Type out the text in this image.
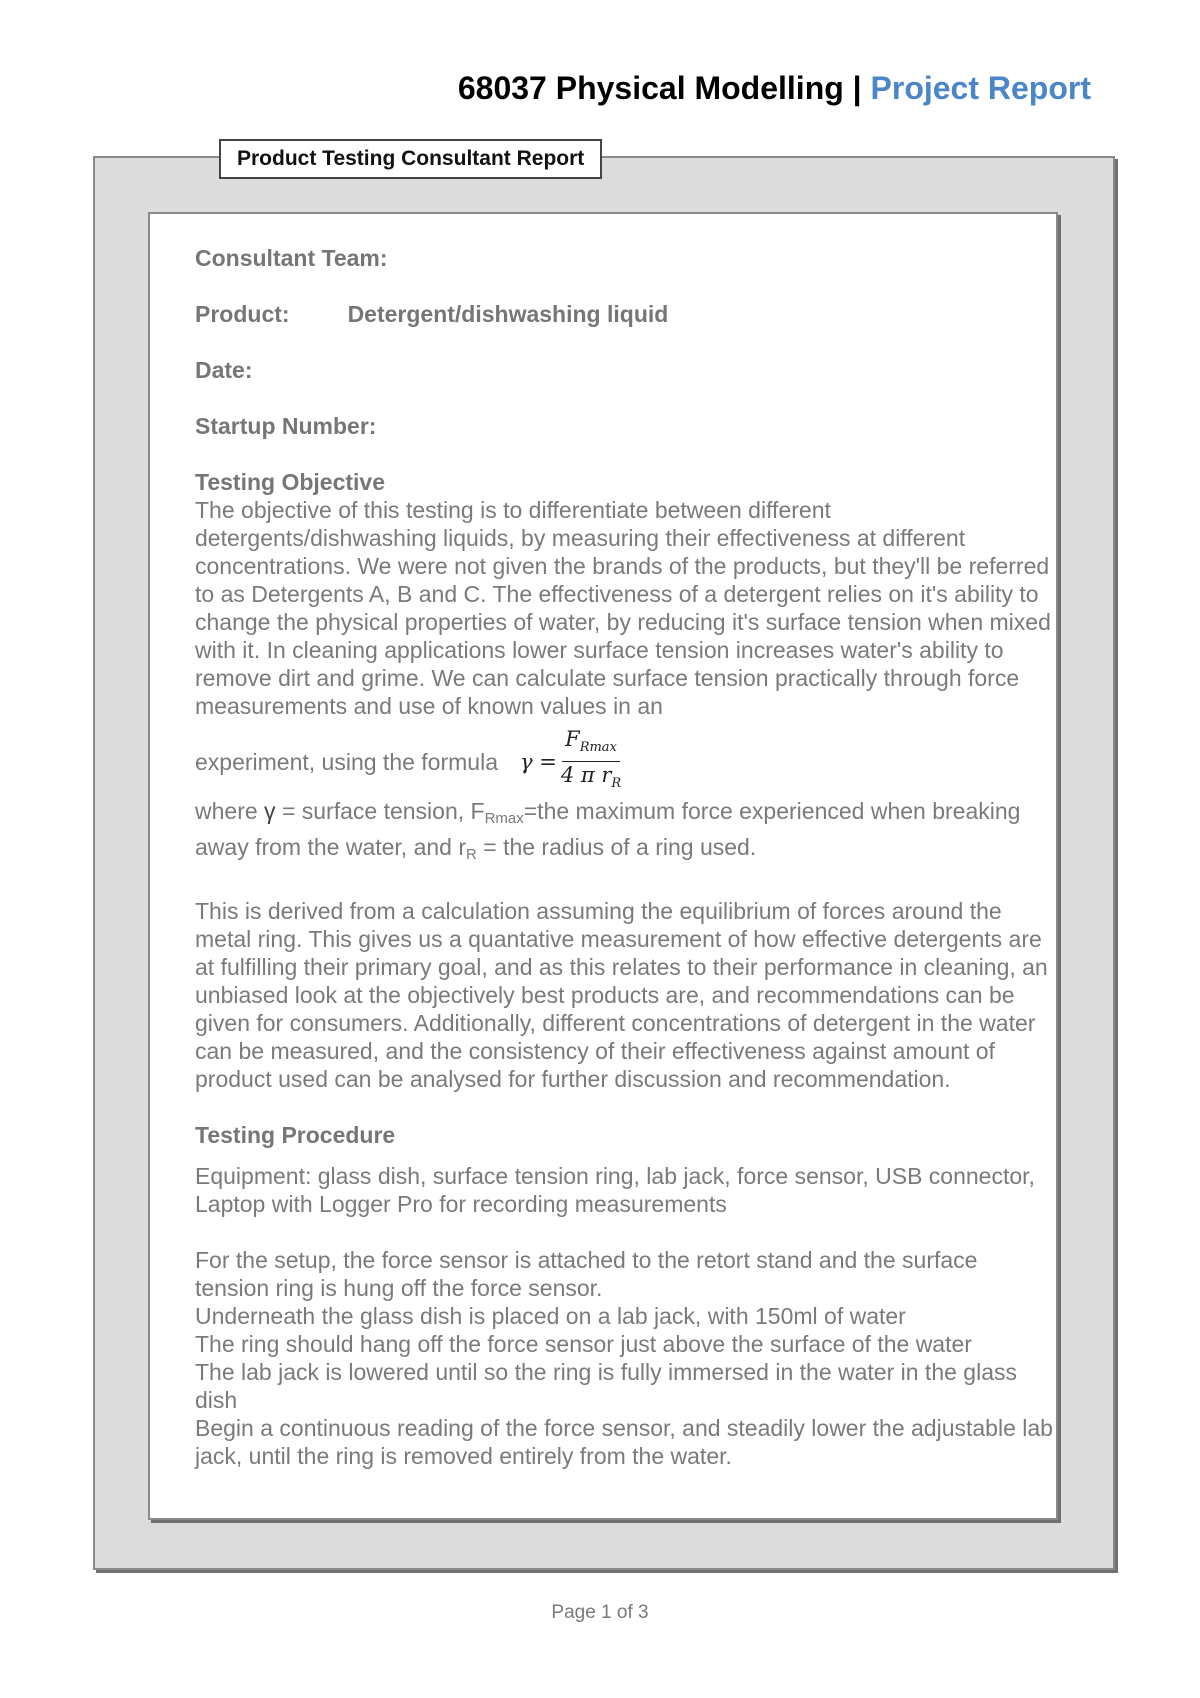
68037 Physical Modelling | Project Report
Product Testing Consultant Report

Consultant Team:

Product:	Detergent/dishwashing liquid

Date:

Startup Number:

Testing Objective

The objective of this testing is to differentiate between different detergents/dishwashing liquids, by measuring their effectiveness at different concentrations. We were not given the brands of the products, but they'll be referred to as Detergents A, B and C. The effectiveness of a detergent relies on it's ability to change the physical properties of water, by reducing it's surface tension when mixed with it. In cleaning applications lower surface tension increases water's ability to remove dirt and grime. We can calculate surface tension practically through force measurements and use of known values in an

experiment, using the formula $\gamma = \frac{F_{Rmax}}{4 \pi r_R}$

where γ = surface tension, FRmax=the maximum force experienced when breaking away from the water, and rR = the radius of a ring used.

This is derived from a calculation assuming the equilibrium of forces around the metal ring. This gives us a quantative measurement of how effective detergents are at fulfilling their primary goal, and as this relates to their performance in cleaning, an unbiased look at the objectively best products are, and recommendations can be given for consumers. Additionally, different concentrations of detergent in the water can be measured, and the consistency of their effectiveness against amount of product used can be analysed for further discussion and recommendation.

Testing Procedure

Equipment: glass dish, surface tension ring, lab jack, force sensor, USB connector, Laptop with Logger Pro for recording measurements

For the setup, the force sensor is attached to the retort stand and the surface tension ring is hung off the force sensor.

Underneath the glass dish is placed on a lab jack, with 150ml of water

The ring should hang off the force sensor just above the surface of the water

The lab jack is lowered until so the ring is fully immersed in the water in the glass dish

Begin a continuous reading of the force sensor, and steadily lower the adjustable lab jack, until the ring is removed entirely from the water.

Page 1 of 3
